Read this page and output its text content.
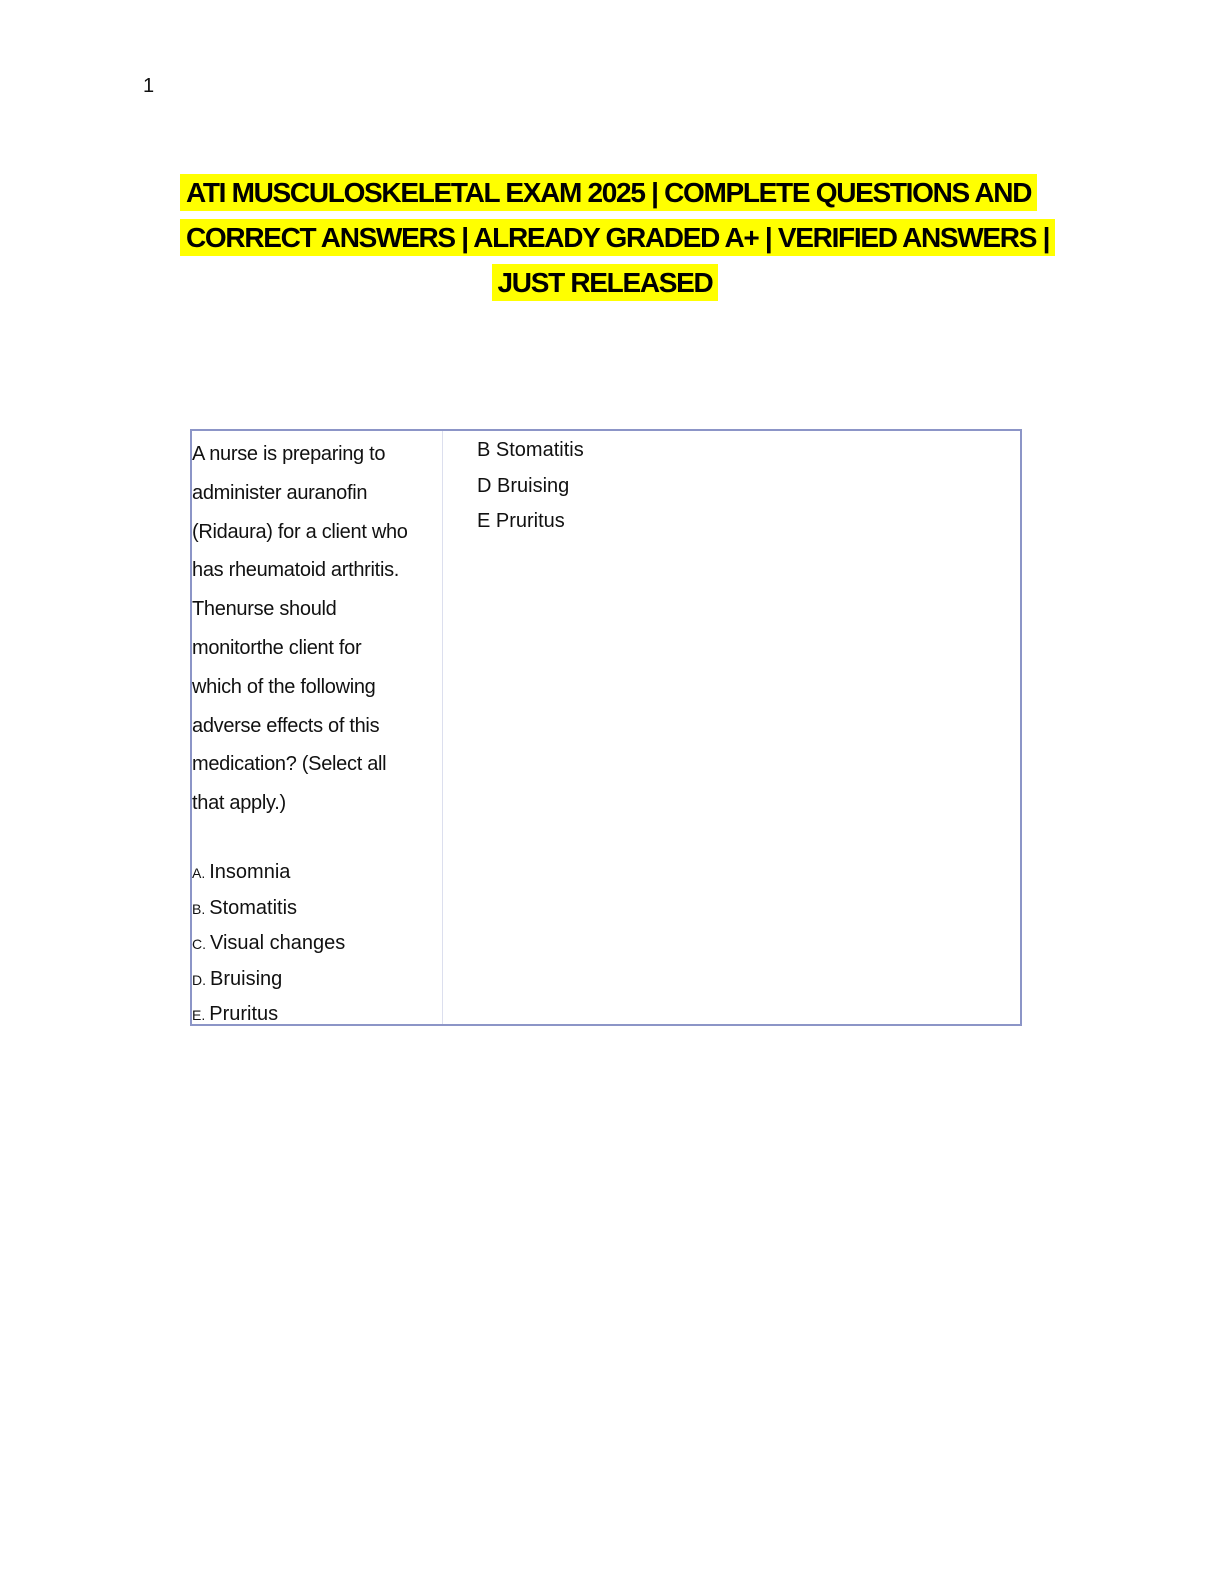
1

ATI MUSCULOSKELETAL EXAM 2025 | COMPLETE QUESTIONS AND

CORRECT ANSWERS | ALREADY GRADED A+ | VERIFIED ANSWERS |

JUST RELEASED

A nurse is preparing to
administer auranofin
(Ridaura) for a client who
has rheumatoid arthritis.
Thenurse should
monitorthe client for
which of the following
adverse effects of this
medication? (Select all
that apply.)
A. Insomnia
B. Stomatitis
C. Visual changes
D. Bruising
E. Pruritus
B Stomatitis
D Bruising
E Pruritus
